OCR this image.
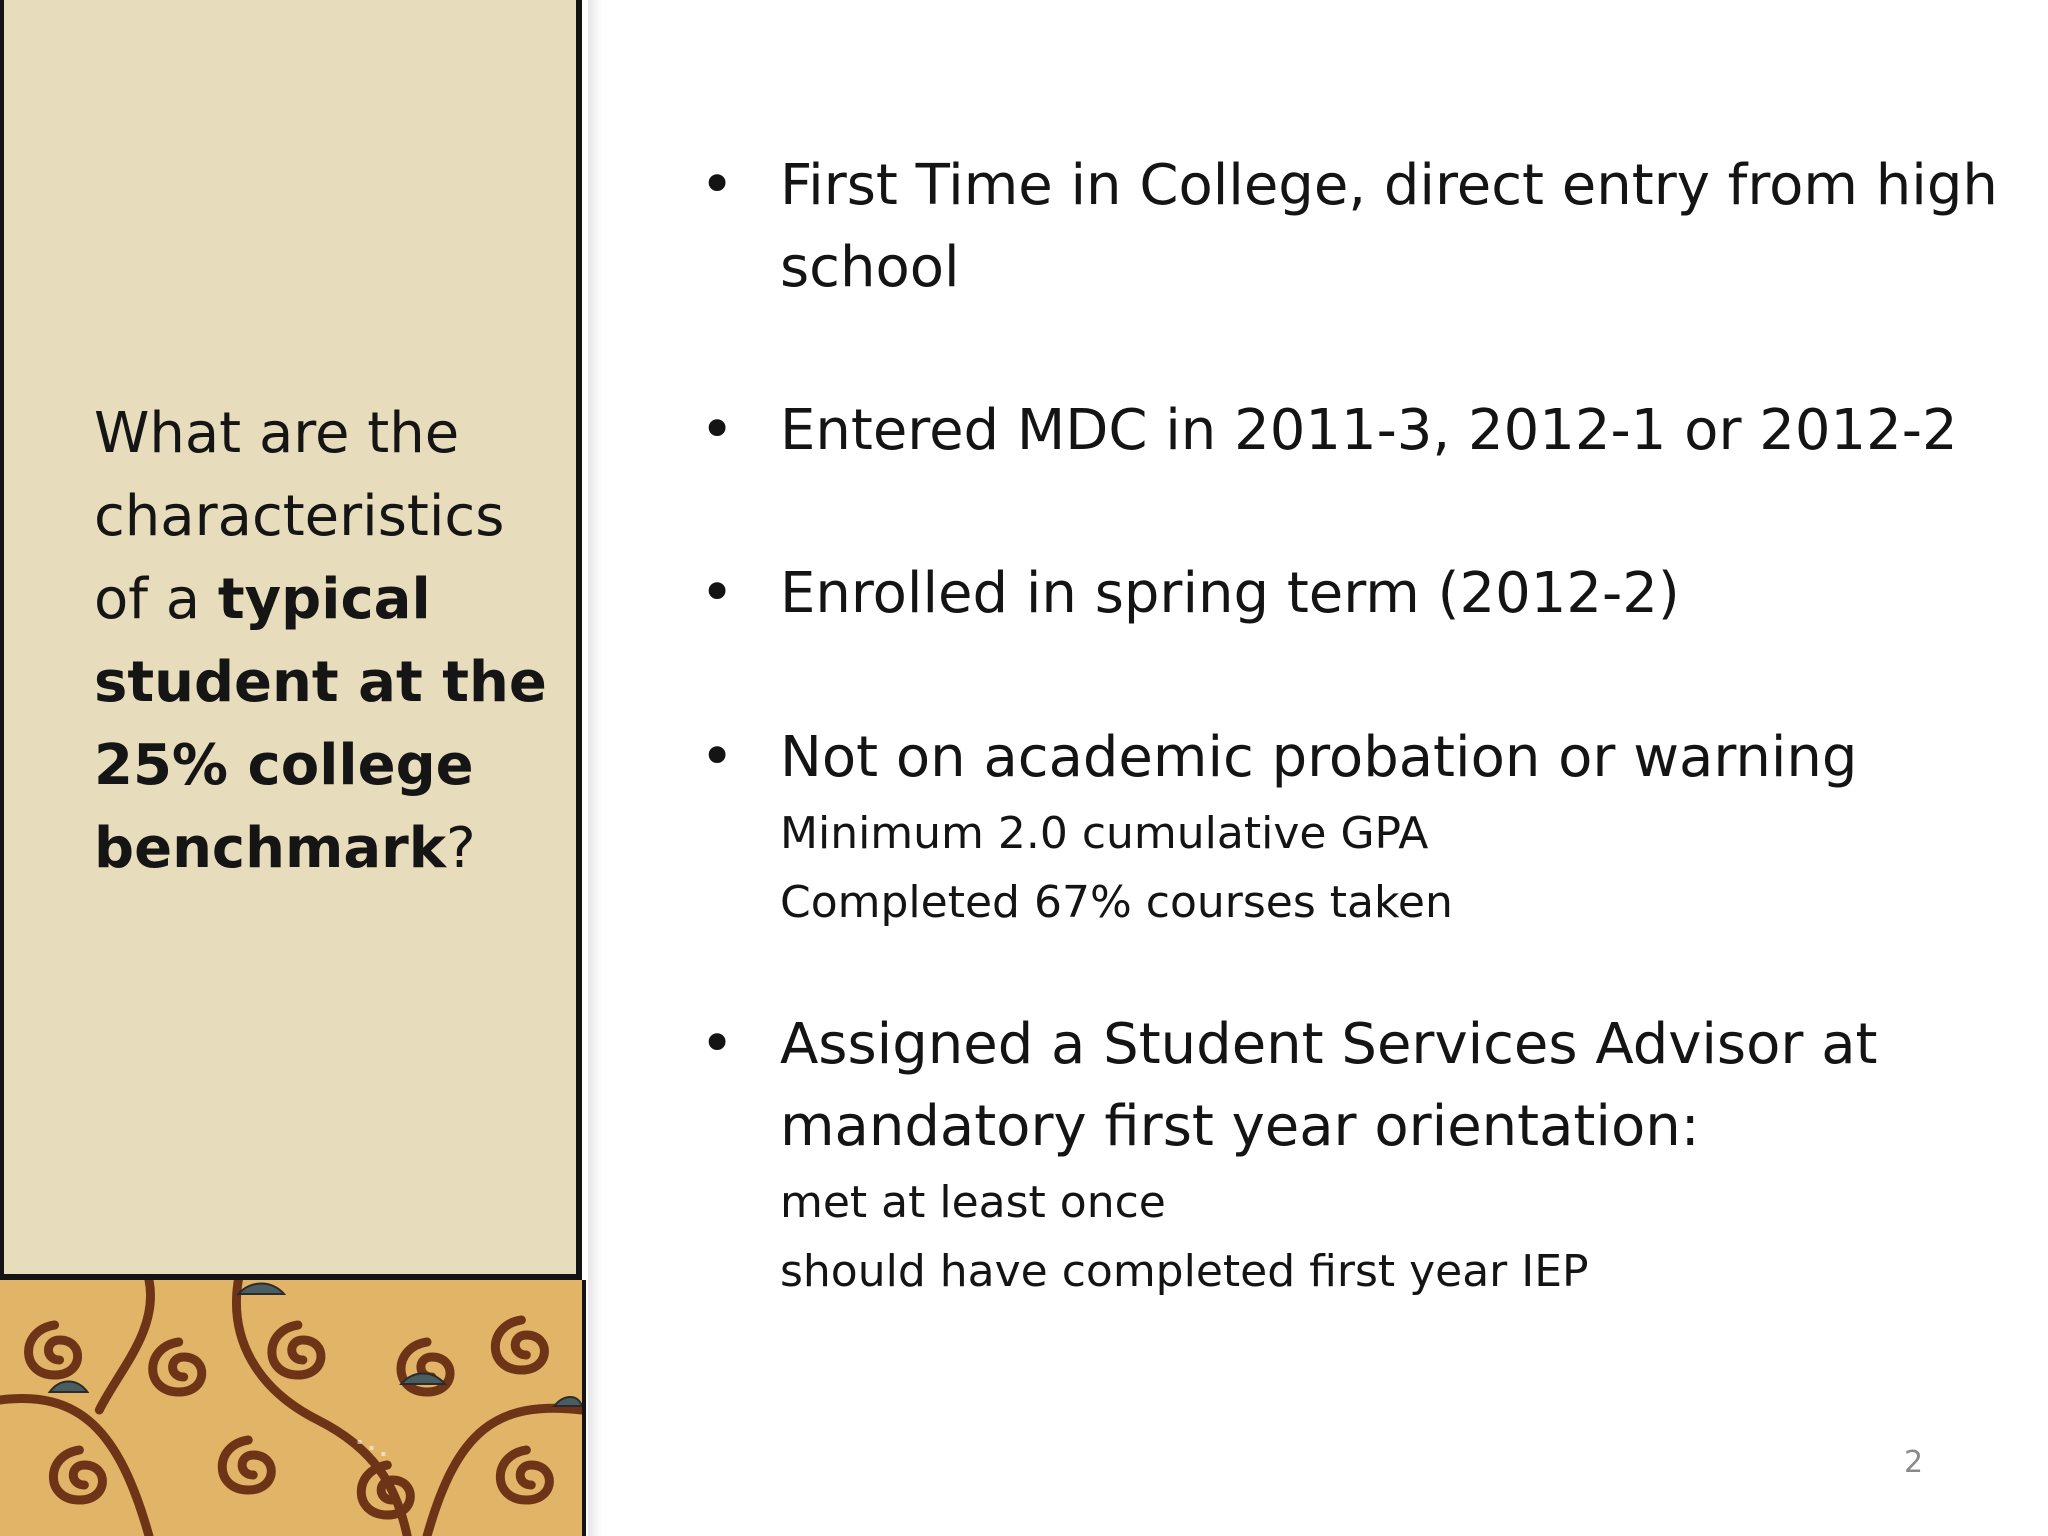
What are the characteristics of a typical student at the 25% college benchmark?

• First Time in College, direct entry from high school
• Entered MDC in 2011-3, 2012-1 or 2012-2
• Enrolled in spring term (2012-2)
• Not on academic probation or warning
Minimum 2.0 cumulative GPA
Completed 67% courses taken
• Assigned a Student Services Advisor at mandatory first year orientation:
met at least once
should have completed first year IEP
2
